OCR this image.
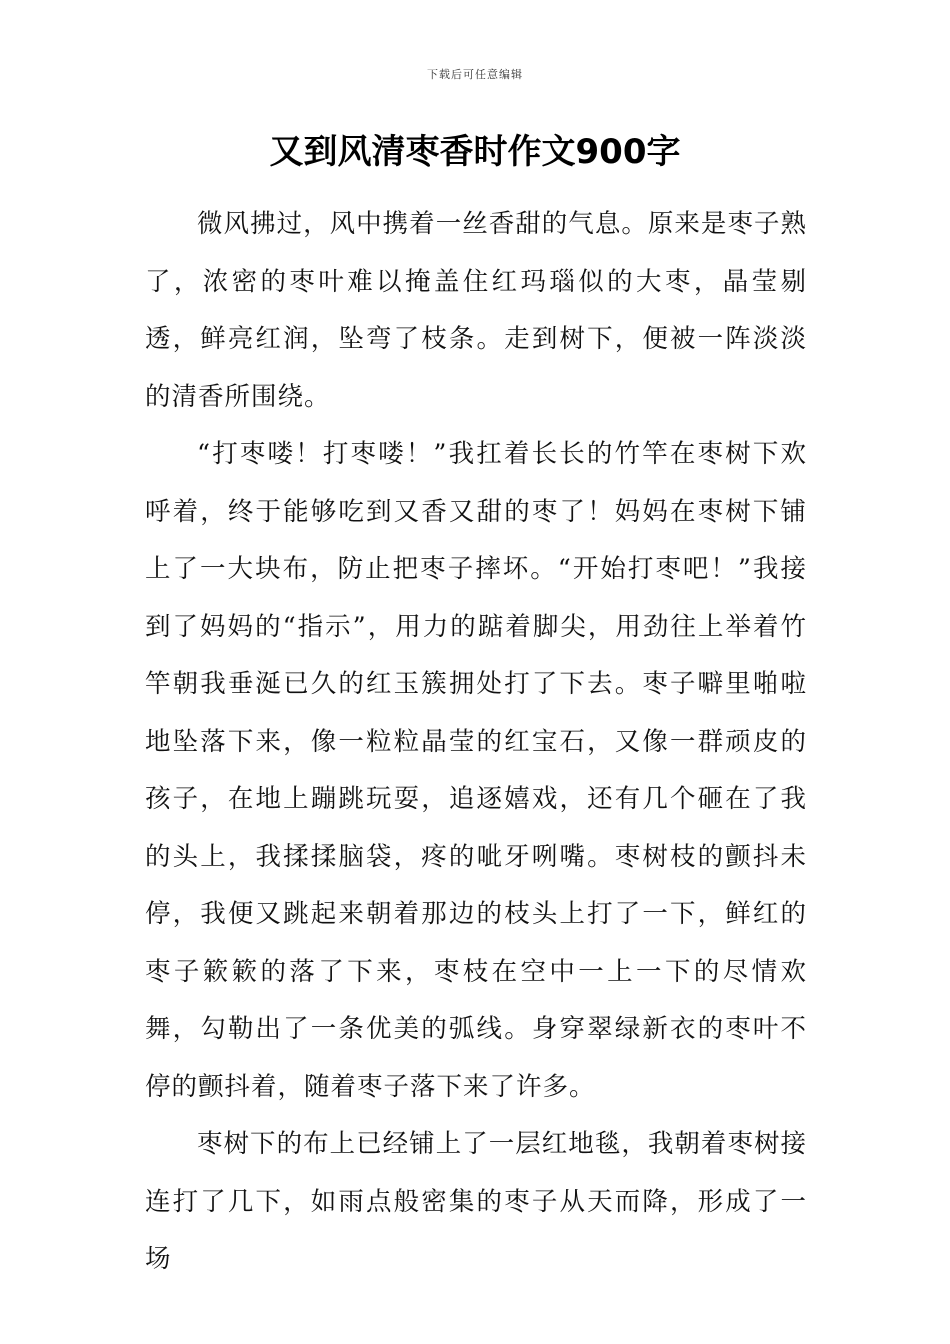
下载后可任意编辑
又到风清枣香时作文900字

微风拂过，风中携着一丝香甜的气息。原来是枣子熟了，浓密的枣叶难以掩盖住红玛瑙似的大枣，晶莹剔透，鲜亮红润，坠弯了枝条。走到树下，便被一阵淡淡的清香所围绕。

“打枣喽！打枣喽！”我扛着长长的竹竿在枣树下欢呼着，终于能够吃到又香又甜的枣了！妈妈在枣树下铺上了一大块布，防止把枣子摔坏。“开始打枣吧！”我接到了妈妈的“指示”，用力的踮着脚尖，用劲往上举着竹竿朝我垂涎已久的红玉簇拥处打了下去。枣子噼里啪啦地坠落下来，像一粒粒晶莹的红宝石，又像一群顽皮的孩子，在地上蹦跳玩耍，追逐嬉戏，还有几个砸在了我的头上，我揉揉脑袋，疼的呲牙咧嘴。枣树枝的颤抖未停，我便又跳起来朝着那边的枝头上打了一下，鲜红的枣子簌簌的落了下来，枣枝在空中一上一下的尽情欢舞，勾勒出了一条优美的弧线。身穿翠绿新衣的枣叶不停的颤抖着，随着枣子落下来了许多。

枣树下的布上已经铺上了一层红地毯，我朝着枣树接连打了几下，如雨点般密集的枣子从天而降，形成了一场
